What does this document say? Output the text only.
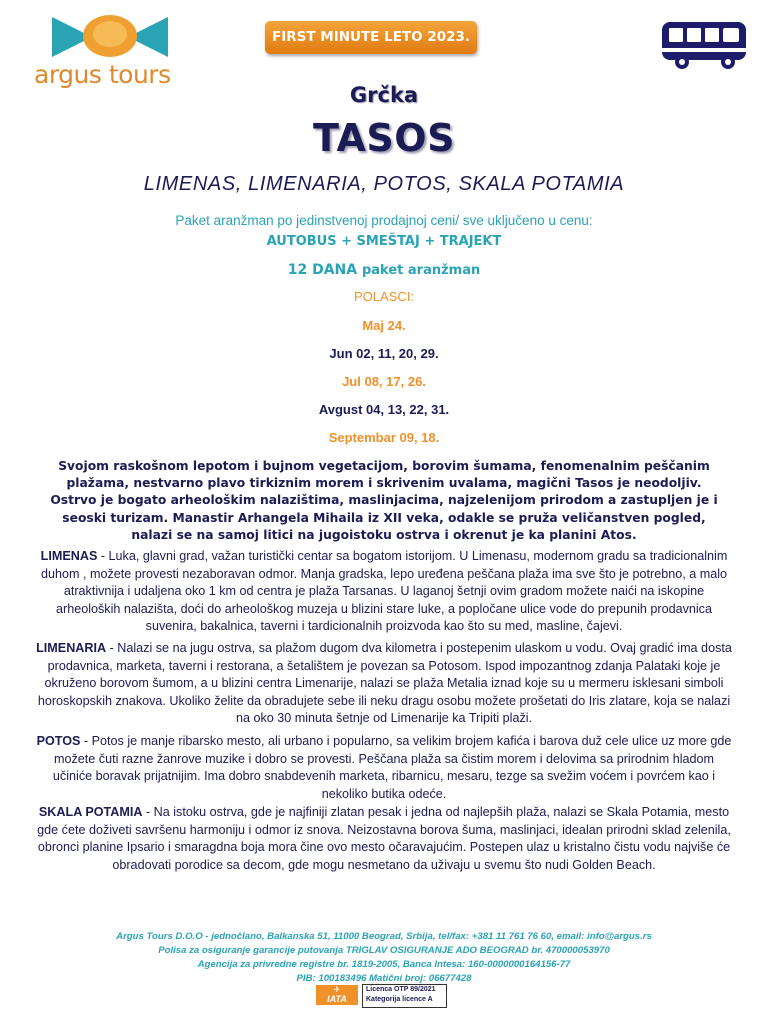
argus tours
FIRST MINUTE LETO 2023.
Grčka
TASOS
LIMENAS, LIMENARIA, POTOS, SKALA POTAMIA
Paket aranžman po jedinstvenoj prodajnoj ceni/ sve uključeno u cenu:
AUTOBUS + SMEŠTAJ + TRAJEKT
12 DANA paket aranžman
POLASCI:
Maj 24.
Jun 02, 11, 20, 29.
Jul 08, 17, 26.
Avgust 04, 13, 22, 31.
Septembar 09, 18.
Svojom raskošnom lepotom i bujnom vegetacijom, borovim šumama, fenomenalnim peščanim plažama, nestvarno plavo tirkiznim morem i skrivenim uvalama, magični Tasos je neodoljiv. Ostrvo je bogato arheološkim nalazištima, maslinjacima, najzelenijom prirodom a zastupljen je i seoski turizam. Manastir Arhangela Mihaila iz XII veka, odakle se pruža veličanstven pogled, nalazi se na samoj litici na jugoistoku ostrva i okrenut je ka planini Atos.
LIMENAS - Luka, glavni grad, važan turistički centar sa bogatom istorijom. U Limenasu, modernom gradu sa tradicionalnim duhom , možete provesti nezaboravan odmor. Manja gradska, lepo uređena peščana plaža ima sve što je potrebno, a malo atraktivnija i udaljena oko 1 km od centra je plaža Tarsanas. U laganoj šetnji ovim gradom možete naići na iskopine arheoloških nalazišta, doći do arheološkog muzeja u blizini stare luke, a popločane ulice vode do prepunih prodavnica suvenira, bakalnica, taverni i tardicionalnih proizvoda kao što su med, masline, čajevi.
LIMENARIA - Nalazi se na jugu ostrva, sa plažom dugom dva kilometra i postepenim ulaskom u vodu. Ovaj gradić ima dosta prodavnica, marketa, taverni i restorana, a šetalištem je povezan sa Potosom. Ispod impozantnog zdanja Palataki koje je okruženo borovom šumom, a u blizini centra Limenarije, nalazi se plaža Metalia iznad koje su u mermeru isklesani simboli horoskopskih znakova. Ukoliko želite da obradujete sebe ili neku dragu osobu možete prošetati do Iris zlatare, koja se nalazi na oko 30 minuta šetnje od Limenarije ka Tripiti plaži.
POTOS - Potos je manje ribarsko mesto, ali urbano i popularno, sa velikim brojem kafića i barova duž cele ulice uz more gde možete čuti razne žanrove muzike i dobro se provesti. Peščana plaža sa čistim morem i delovima sa prirodnim hladom učiniće boravak prijatnijim. Ima dobro snabdevenih marketa, ribarnicu, mesaru, tezge sa svežim voćem i povrćem kao i nekoliko butika odeće.
SKALA POTAMIA - Na istoku ostrva, gde je najfiniji zlatan pesak i jedna od najlepših plaža, nalazi se Skala Potamia, mesto gde ćete doživeti savršenu harmoniju i odmor iz snova. Neizostavna borova šuma, maslinjaci, idealan prirodni sklad zelenila, obronci planine Ipsario i smaragdna boja mora čine ovo mesto očaravajućim. Postepen ulaz u kristalno čistu vodu najviše će obradovati porodice sa decom, gde mogu nesmetano da uživaju u svemu što nudi Golden Beach.
Argus Tours D.O.O - jednočlano, Balkanska 51, 11000 Beograd, Srbija, tel/fax: +381 11 761 76 60, email: info@argus.rs
Polisa za osiguranje garancije putovanja TRIGLAV OSIGURANJE ADO BEOGRAD br. 470000053970
Agencija za privredne registre br. 1819-2005, Banca Intesa: 160-0000000164156-77
PIB: 100183496 Matični broj: 06677428
✈
IATA
Licenca OTP 89/2021
Kategorija licence A
